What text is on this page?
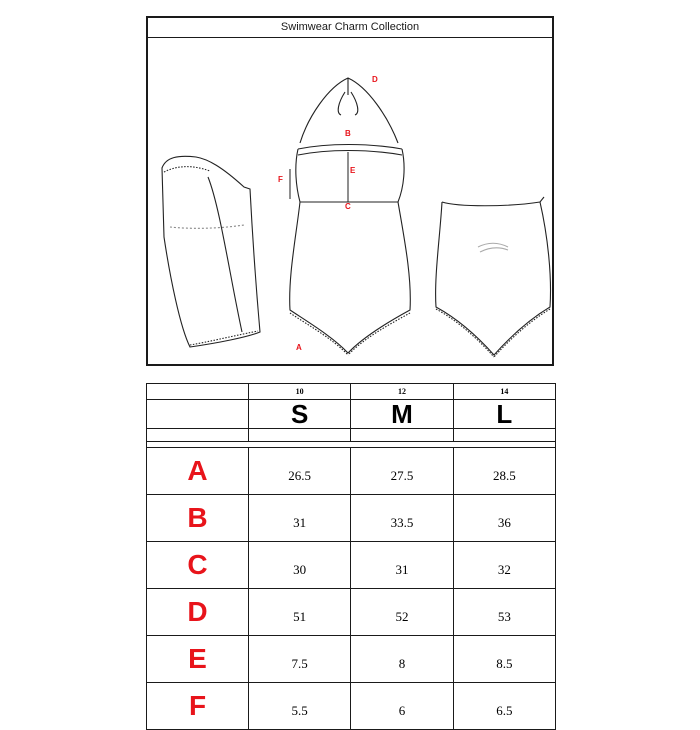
Swimwear Charm Collection
D
B
E
F
C
A
	10	12	14
	S	M	L

A	26.5	27.5	28.5
B	31	33.5	36
C	30	31	32
D	51	52	53
E	7.5	8	8.5
F	5.5	6	6.5
